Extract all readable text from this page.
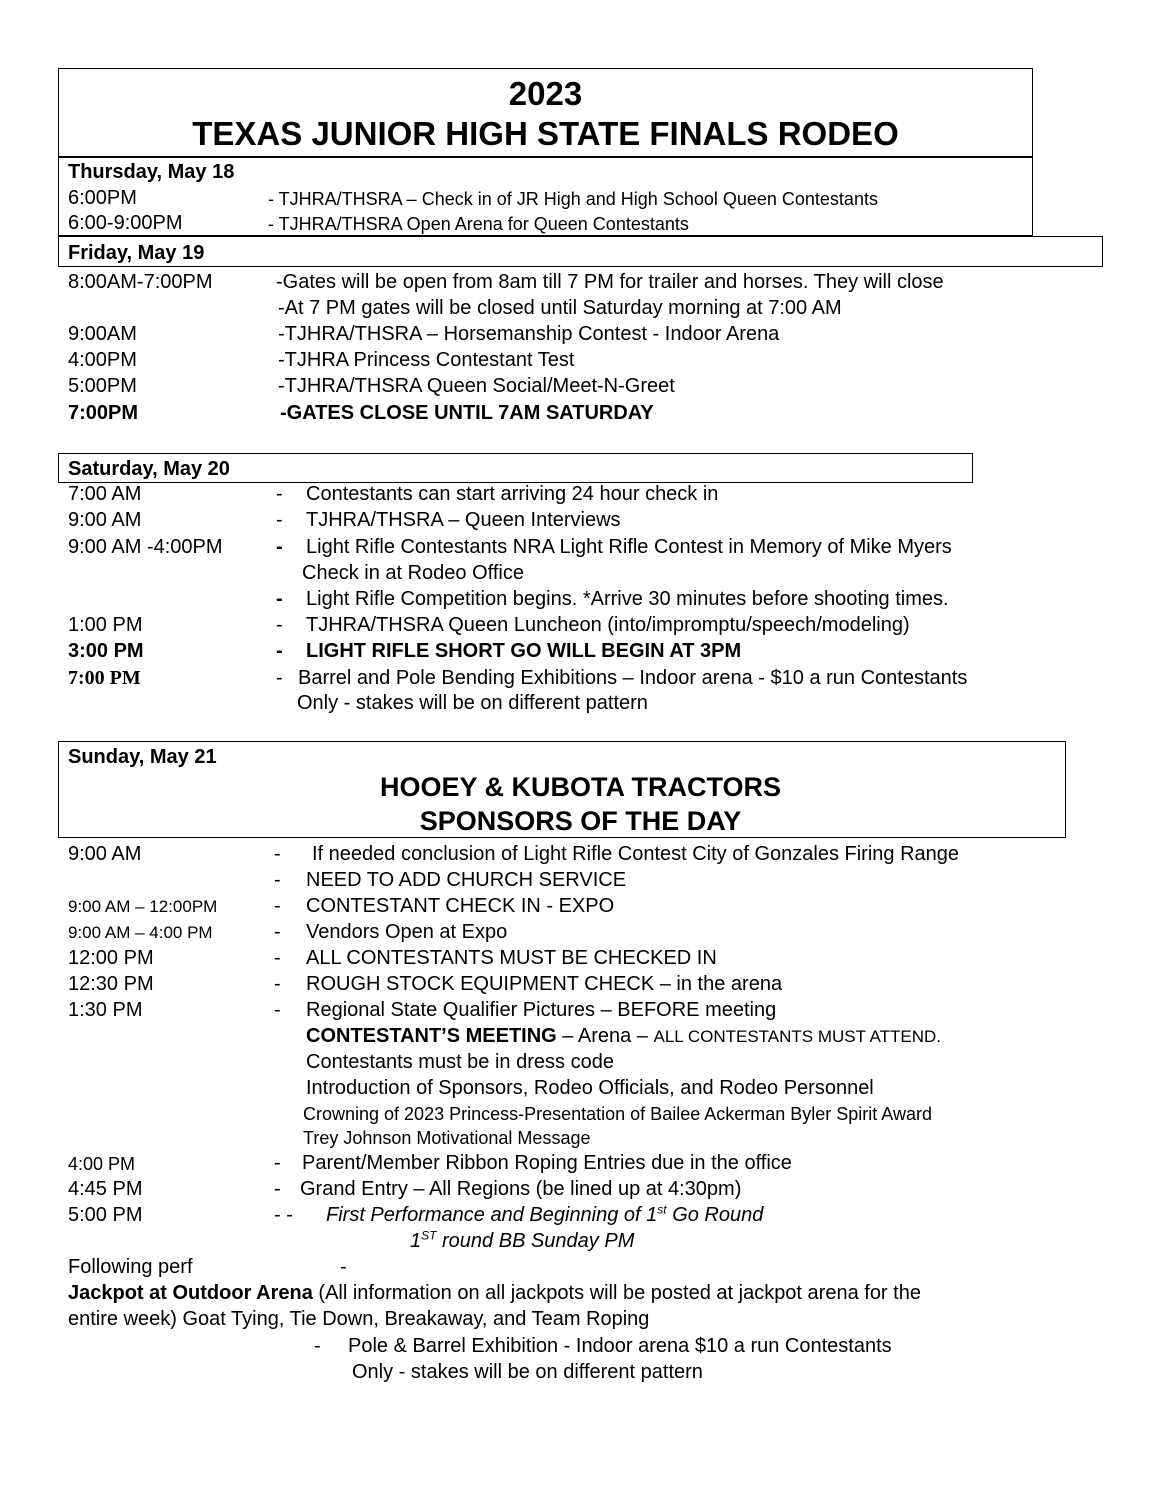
2023
TEXAS JUNIOR HIGH STATE FINALS RODEO
Thursday, May 18
6:00PM	- TJHRA/THSRA – Check in of JR High and High School Queen Contestants
6:00-9:00PM	- TJHRA/THSRA Open Arena for Queen Contestants
Friday, May 19
8:00AM-7:00PM	-Gates will be open from 8am till 7 PM for trailer and horses. They will close
-At 7 PM gates will be closed until Saturday morning at 7:00 AM
9:00AM	-TJHRA/THSRA – Horsemanship Contest - Indoor Arena
4:00PM	-TJHRA Princess Contestant Test
5:00PM	-TJHRA/THSRA Queen Social/Meet-N-Greet
7:00PM	-GATES CLOSE UNTIL 7AM SATURDAY
Saturday, May 20
7:00 AM	- Contestants can start arriving 24 hour check in
9:00 AM	- TJHRA/THSRA – Queen Interviews
9:00 AM -4:00PM	- Light Rifle Contestants NRA Light Rifle Contest in Memory of Mike Myers
Check in at Rodeo Office
- Light Rifle Competition begins. *Arrive 30 minutes before shooting times.
1:00 PM	- TJHRA/THSRA Queen Luncheon (into/impromptu/speech/modeling)
3:00 PM	- LIGHT RIFLE SHORT GO WILL BEGIN AT 3PM
7:00 PM	- Barrel and Pole Bending Exhibitions – Indoor arena - $10 a run Contestants
Only - stakes will be on different pattern
Sunday, May 21
HOOEY & KUBOTA TRACTORS
SPONSORS OF THE DAY
9:00 AM	- If needed conclusion of Light Rifle Contest City of Gonzales Firing Range
- NEED TO ADD CHURCH SERVICE
9:00 AM – 12:00PM	- CONTESTANT CHECK IN - EXPO
9:00 AM – 4:00 PM	- Vendors Open at Expo
12:00 PM	- ALL CONTESTANTS MUST BE CHECKED IN
12:30 PM	- ROUGH STOCK EQUIPMENT CHECK – in the arena
1:30 PM	- Regional State Qualifier Pictures – BEFORE meeting
CONTESTANT’S MEETING – Arena – ALL CONTESTANTS MUST ATTEND.
Contestants must be in dress code
Introduction of Sponsors, Rodeo Officials, and Rodeo Personnel
Crowning of 2023 Princess-Presentation of Bailee Ackerman Byler Spirit Award
Trey Johnson Motivational Message
4:00 PM	- Parent/Member Ribbon Roping Entries due in the office
4:45 PM	- Grand Entry – All Regions (be lined up at 4:30pm)
5:00 PM	- - First Performance and Beginning of 1st Go Round
1ST round BB Sunday PM
Following perf	-
Jackpot at Outdoor Arena (All information on all jackpots will be posted at jackpot arena for the
entire week) Goat Tying, Tie Down, Breakaway, and Team Roping
- Pole & Barrel Exhibition - Indoor arena $10 a run Contestants
Only - stakes will be on different pattern
